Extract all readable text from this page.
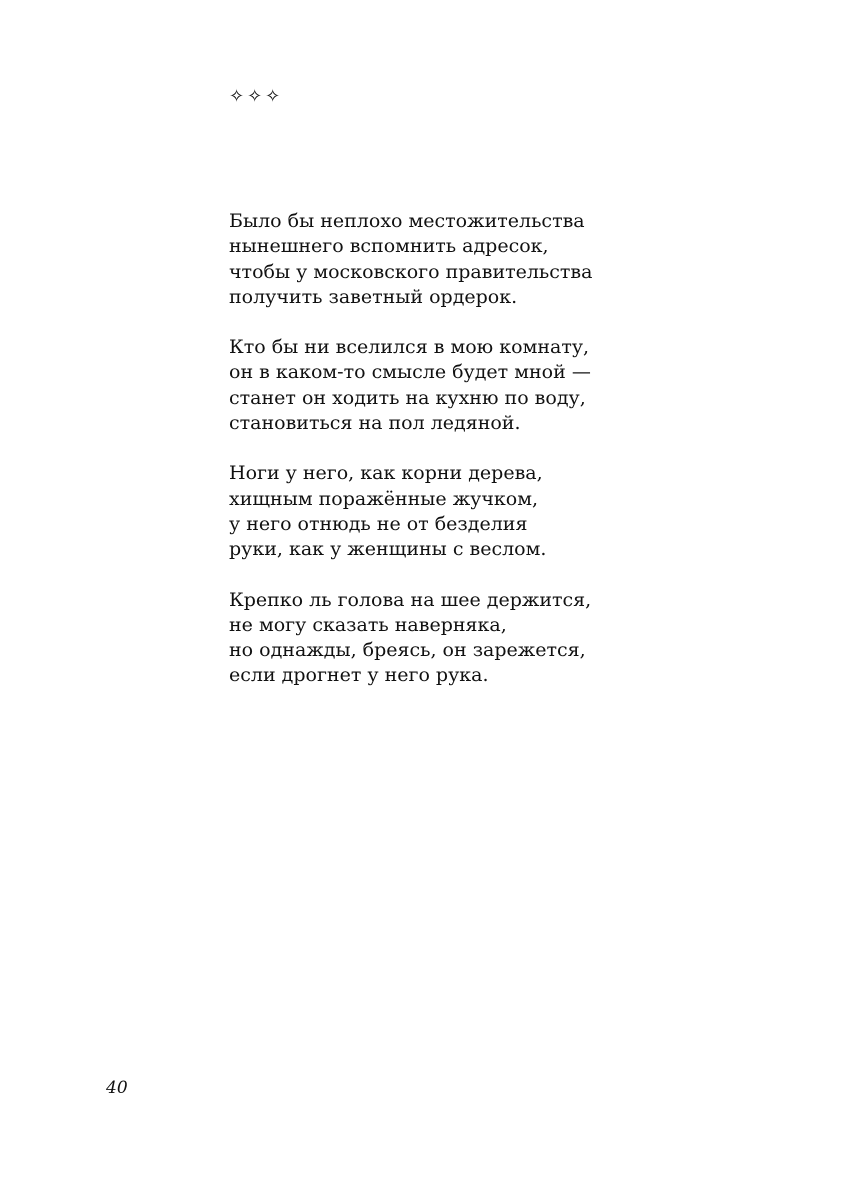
✧✧✧
Было бы неплохо местожительства
нынешнего вспомнить адресок,
чтобы у московского правительства
получить заветный ордерок.
Кто бы ни вселился в мою комнату,
он в каком-то смысле будет мной —
станет он ходить на кухню по воду,
становиться на пол ледяной.
Ноги у него, как корни дерева,
хищным поражённые жучком,
у него отнюдь не от безделия
руки, как у женщины с веслом.
Крепко ль голова на шее держится,
не могу сказать наверняка,
но однажды, бреясь, он зарежется,
если дрогнет у него рука.
40
